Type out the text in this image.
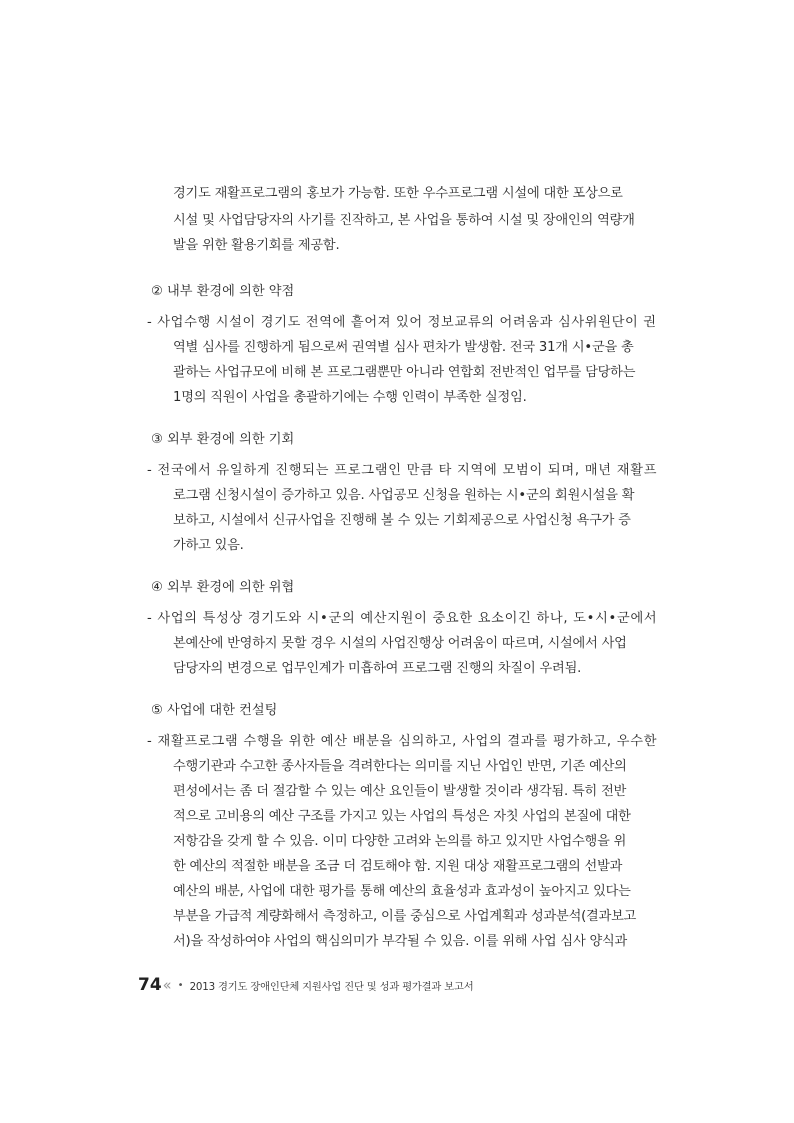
경기도 재활프로그램의 홍보가 가능함. 또한 우수프로그램 시설에 대한 포상으로
시설 및 사업담당자의 사기를 진작하고, 본 사업을 통하여 시설 및 장애인의 역량개
발을 위한 활용기회를 제공함.
② 내부 환경에 의한 약점
- 사업수행 시설이 경기도 전역에 흩어져 있어 정보교류의 어려움과 심사위원단이 권
역별 심사를 진행하게 됨으로써 권역별 심사 편차가 발생함. 전국 31개 시•군을 총
괄하는 사업규모에 비해 본 프로그램뿐만 아니라 연합회 전반적인 업무를 담당하는
1명의 직원이 사업을 총괄하기에는 수행 인력이 부족한 실정임.
③ 외부 환경에 의한 기회
- 전국에서 유일하게 진행되는 프로그램인 만큼 타 지역에 모범이 되며, 매년 재활프
로그램 신청시설이 증가하고 있음. 사업공모 신청을 원하는 시•군의 회원시설을 확
보하고, 시설에서 신규사업을 진행해 볼 수 있는 기회제공으로 사업신청 욕구가 증
가하고 있음.
④ 외부 환경에 의한 위협
- 사업의 특성상 경기도와 시•군의 예산지원이 중요한 요소이긴 하나, 도•시•군에서
본예산에 반영하지 못할 경우 시설의 사업진행상 어려움이 따르며, 시설에서 사업
담당자의 변경으로 업무인계가 미흡하여 프로그램 진행의 차질이 우려됨.
⑤ 사업에 대한 컨설팅
- 재활프로그램 수행을 위한 예산 배분을 심의하고, 사업의 결과를 평가하고, 우수한
수행기관과 수고한 종사자들을 격려한다는 의미를 지닌 사업인 반면, 기존 예산의
편성에서는 좀 더 절감할 수 있는 예산 요인들이 발생할 것이라 생각됨. 특히 전반
적으로 고비용의 예산 구조를 가지고 있는 사업의 특성은 자칫 사업의 본질에 대한
저항감을 갖게 할 수 있음. 이미 다양한 고려와 논의를 하고 있지만 사업수행을 위
한 예산의 적절한 배분을 조금 더 검토해야 함. 지원 대상 재활프로그램의 선발과
예산의 배분, 사업에 대한 평가를 통해 예산의 효율성과 효과성이 높아지고 있다는
부분을 가급적 계량화해서 측정하고, 이를 중심으로 사업계획과 성과분석(결과보고
서)을 작성하여야 사업의 핵심의미가 부각될 수 있음. 이를 위해 사업 심사 양식과
74 ‹‹ • 2013 경기도 장애인단체 지원사업 진단 및 성과 평가결과 보고서
